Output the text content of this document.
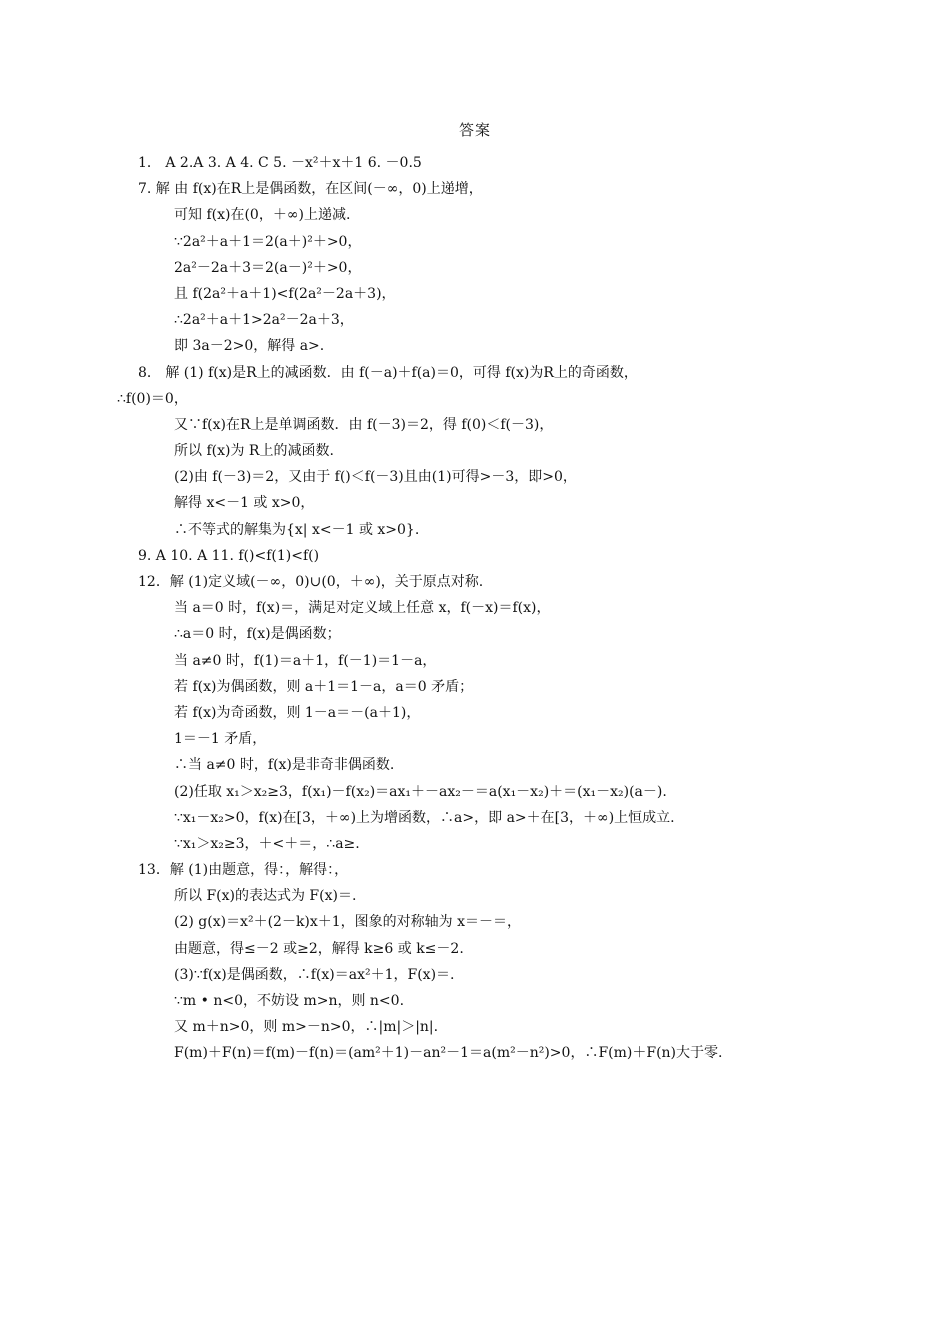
答案
1． A 2.A 3. A 4. C 5. －x²＋x＋1 6. －0.5
7. 解 由 f(x)在R上是偶函数，在区间(－∞，0)上递增，
可知 f(x)在(0，＋∞)上递减.
∵2a²＋a＋1＝2(a＋)²＋>0，
2a²－2a＋3＝2(a－)²＋>0，
且 f(2a²＋a＋1)<f(2a²－2a＋3)，
∴2a²＋a＋1>2a²－2a＋3，
即 3a－2>0，解得 a>.
8． 解 (1) f(x)是R上的减函数．由 f(－a)＋f(a)＝0，可得 f(x)为R上的奇函数，
∴f(0)＝0，
又∵f(x)在R上是单调函数．由 f(－3)＝2，得 f(0)＜f(－3)，
所以 f(x)为 R上的减函数.
(2)由 f(－3)＝2，又由于 f()＜f(－3)且由(1)可得>－3，即>0，
解得 x<－1 或 x>0，
∴不等式的解集为{x| x<－1 或 x>0}.
9. A 10. A 11. f()<f(1)<f()
12．解 (1)定义域(－∞，0)∪(0，＋∞)，关于原点对称.
当 a＝0 时，f(x)＝，满足对定义域上任意 x，f(－x)＝f(x)，
∴a＝0 时，f(x)是偶函数；
当 a≠0 时，f(1)＝a＋1，f(－1)＝1－a，
若 f(x)为偶函数，则 a＋1＝1－a，a＝0 矛盾；
若 f(x)为奇函数，则 1－a＝－(a＋1)，
1＝－1 矛盾，
∴当 a≠0 时，f(x)是非奇非偶函数.
(2)任取 x₁＞x₂≥3，f(x₁)－f(x₂)＝ax₁＋－ax₂－＝a(x₁－x₂)＋＝(x₁－x₂)(a－).
∵x₁－x₂>0，f(x)在[3，＋∞)上为增函数，∴a>，即 a>＋在[3，＋∞)上恒成立.
∵x₁＞x₂≥3，＋<＋＝，∴a≥.
13．解 (1)由题意，得：，解得：，
所以 F(x)的表达式为 F(x)＝.
(2) g(x)＝x²＋(2－k)x＋1，图象的对称轴为 x＝－＝，
由题意，得≤－2 或≥2，解得 k≥6 或 k≤－2.
(3)∵f(x)是偶函数，∴f(x)＝ax²＋1，F(x)＝.
∵m • n<0，不妨设 m>n，则 n<0.
又 m＋n>0，则 m>－n>0，∴|m|＞|n|.
F(m)＋F(n)＝f(m)－f(n)＝(am²＋1)－an²－1＝a(m²－n²)>0，∴F(m)＋F(n)大于零.
